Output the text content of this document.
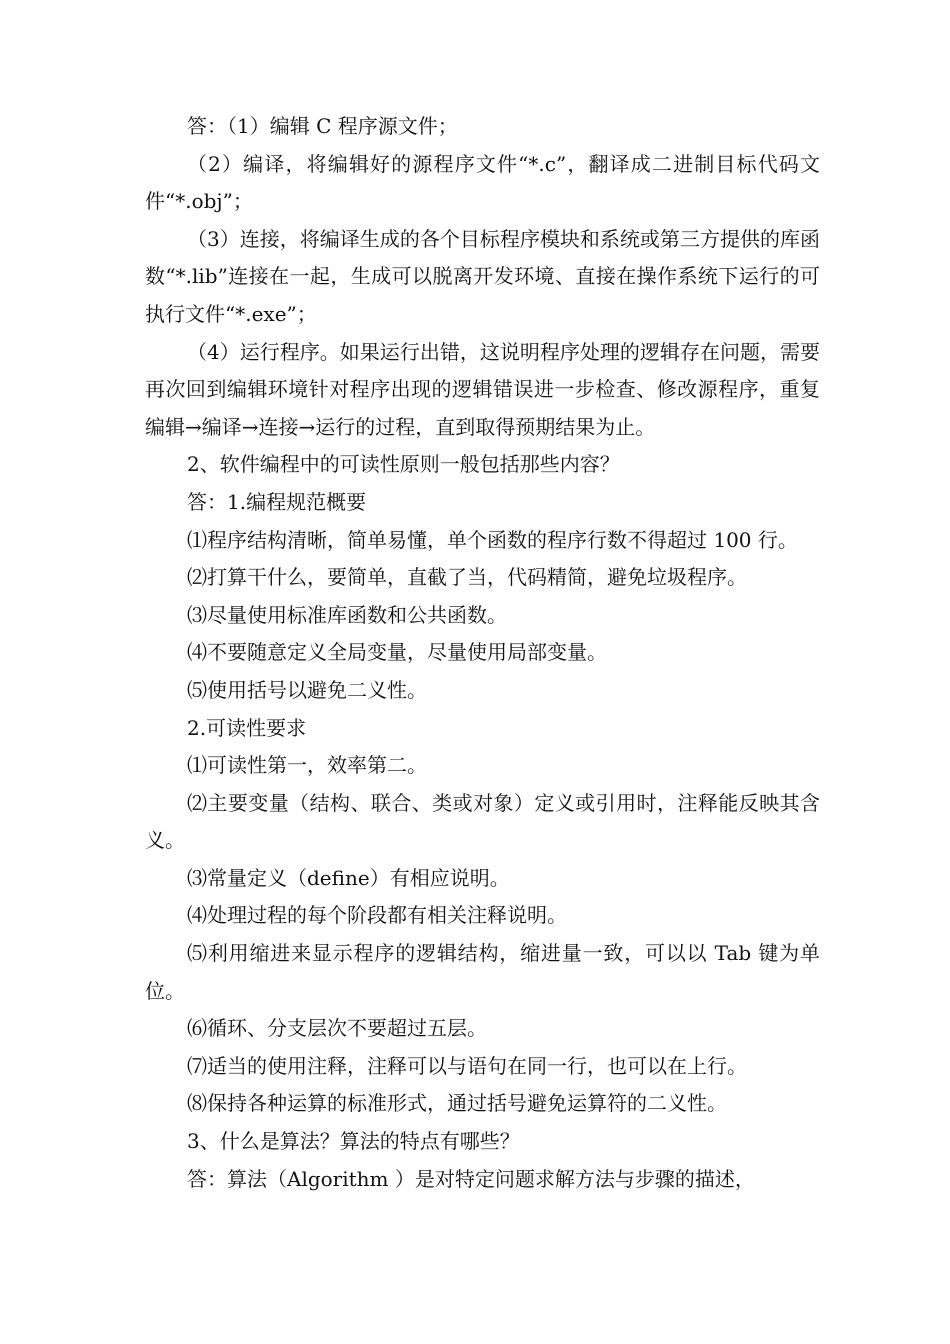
答：（1）编辑 C 程序源文件；

（2）编译，将编辑好的源程序文件“*.c”，翻译成二进制目标代码文件“*.obj”；

（3）连接，将编译生成的各个目标程序模块和系统或第三方提供的库函数“*.lib”连接在一起，生成可以脱离开发环境、直接在操作系统下运行的可执行文件“*.exe”；

（4）运行程序。如果运行出错，这说明程序处理的逻辑存在问题，需要再次回到编辑环境针对程序出现的逻辑错误进一步检查、修改源程序，重复编辑→编译→连接→运行的过程，直到取得预期结果为止。

2、软件编程中的可读性原则一般包括那些内容？

答：1.编程规范概要

⑴程序结构清晰，简单易懂，单个函数的程序行数不得超过 100 行。

⑵打算干什么，要简单，直截了当，代码精简，避免垃圾程序。

⑶尽量使用标准库函数和公共函数。

⑷不要随意定义全局变量，尽量使用局部变量。

⑸使用括号以避免二义性。

2.可读性要求

⑴可读性第一，效率第二。

⑵主要变量（结构、联合、类或对象）定义或引用时，注释能反映其含义。

⑶常量定义（define）有相应说明。

⑷处理过程的每个阶段都有相关注释说明。

⑸利用缩进来显示程序的逻辑结构，缩进量一致，可以以 Tab 键为单位。

⑹循环、分支层次不要超过五层。

⑺适当的使用注释，注释可以与语句在同一行，也可以在上行。

⑻保持各种运算的标准形式，通过括号避免运算符的二义性。

3、什么是算法？算法的特点有哪些？

答：算法（Algorithm ）是对特定问题求解方法与步骤的描述，
